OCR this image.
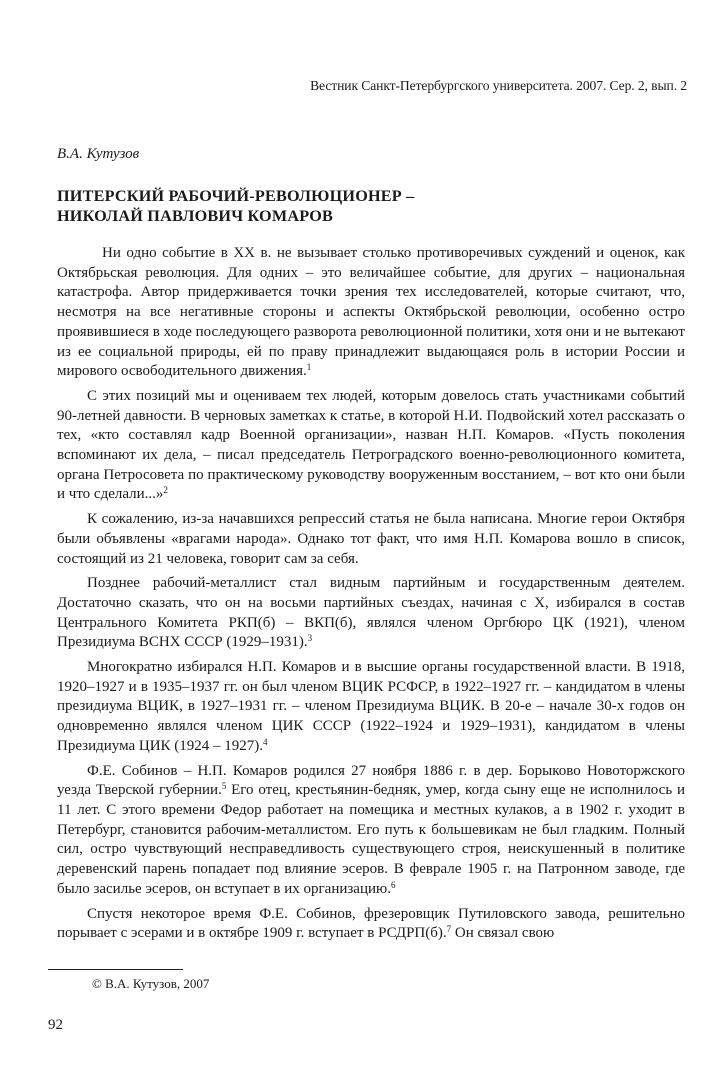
Вестник Санкт-Петербургского университета. 2007. Сер. 2, вып. 2
В.А. Кутузов
ПИТЕРСКИЙ РАБОЧИЙ-РЕВОЛЮЦИОНЕР –
НИКОЛАЙ ПАВЛОВИЧ КОМАРОВ

Ни одно событие в XX в. не вызывает столько противоречивых суждений и оценок, как Октябрьская революция. Для одних – это величайшее событие, для других – национальная катастрофа. Автор придерживается точки зрения тех исследователей, которые считают, что, несмотря на все негативные стороны и аспекты Октябрьской революции, особенно остро проявившиеся в ходе последующего разворота революционной политики, хотя они и не вытекают из ее социальной природы, ей по праву принадлежит выдающаяся роль в истории России и мирового освободительного движения.$^1$

С этих позиций мы и оцениваем тех людей, которым довелось стать участниками событий 90-летней давности. В черновых заметках к статье, в которой Н.И. Подвойский хотел рассказать о тех, «кто составлял кадр Военной организации», назван Н.П. Комаров. «Пусть поколения вспоминают их дела, – писал председатель Петроградского военно-революционного комитета, органа Петросовета по практическому руководству вооруженным восстанием, – вот кто они были и что сделали...»$^2$

К сожалению, из-за начавшихся репрессий статья не была написана. Многие герои Октября были объявлены «врагами народа». Однако тот факт, что имя Н.П. Комарова вошло в список, состоящий из 21 человека, говорит сам за себя.

Позднее рабочий-металлист стал видным партийным и государственным деятелем. Достаточно сказать, что он на восьми партийных съездах, начиная с X, избирался в состав Центрального Комитета РКП(б) – ВКП(б), являлся членом Оргбюро ЦК (1921), членом Президиума ВСНХ СССР (1929–1931).$^3$

Многократно избирался Н.П. Комаров и в высшие органы государственной власти. В 1918, 1920–1927 и в 1935–1937 гг. он был членом ВЦИК РСФСР, в 1922–1927 гг. – кандидатом в члены президиума ВЦИК, в 1927–1931 гг. – членом Президиума ВЦИК. В 20-е – начале 30-х годов он одновременно являлся членом ЦИК СССР (1922–1924 и 1929–1931), кандидатом в члены Президиума ЦИК (1924 – 1927).$^4$

Ф.Е. Собинов – Н.П. Комаров родился 27 ноября 1886 г. в дер. Борыково Новоторжского уезда Тверской губернии.$^5$ Его отец, крестьянин-бедняк, умер, когда сыну еще не исполнилось и 11 лет. С этого времени Федор работает на помещика и местных кулаков, а в 1902 г. уходит в Петербург, становится рабочим-металлистом. Его путь к большевикам не был гладким. Полный сил, остро чувствующий несправедливость существующего строя, неискушенный в политике деревенский парень попадает под влияние эсеров. В феврале 1905 г. на Патронном заводе, где было засилье эсеров, он вступает в их организацию.$^6$

Спустя некоторое время Ф.Е. Собинов, фрезеровщик Путиловского завода, решительно порывает с эсерами и в октябре 1909 г. вступает в РСДРП(б).$^7$ Он связал свою

© В.А. Кутузов, 2007
92
